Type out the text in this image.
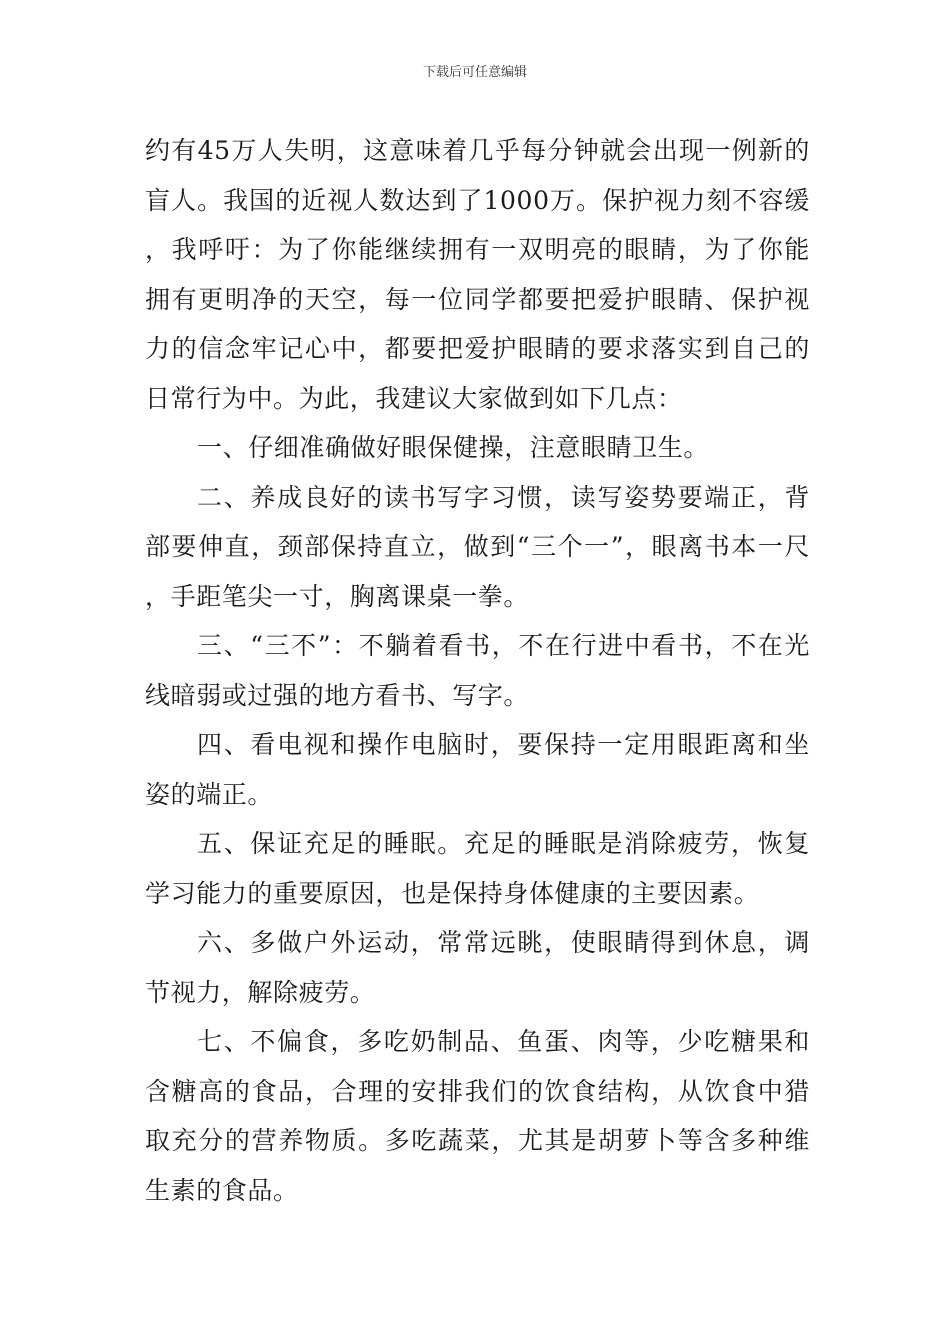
下载后可任意编辑

约有45万人失明，这意味着几乎每分钟就会出现一例新的盲人。我国的近视人数达到了1000万。保护视力刻不容缓，我呼吁：为了你能继续拥有一双明亮的眼睛，为了你能拥有更明净的天空，每一位同学都要把爱护眼睛、保护视力的信念牢记心中，都要把爱护眼睛的要求落实到自己的日常行为中。为此，我建议大家做到如下几点：

一、仔细准确做好眼保健操，注意眼睛卫生。

二、养成良好的读书写字习惯，读写姿势要端正，背部要伸直，颈部保持直立，做到“三个一”，眼离书本一尺，手距笔尖一寸，胸离课桌一拳。

三、“三不”：不躺着看书，不在行进中看书，不在光线暗弱或过强的地方看书、写字。

四、看电视和操作电脑时，要保持一定用眼距离和坐姿的端正。

五、保证充足的睡眠。充足的睡眠是消除疲劳，恢复学习能力的重要原因，也是保持身体健康的主要因素。

六、多做户外运动，常常远眺，使眼睛得到休息，调节视力，解除疲劳。

七、不偏食，多吃奶制品、鱼蛋、肉等，少吃糖果和含糖高的食品，合理的安排我们的饮食结构，从饮食中猎取充分的营养物质。多吃蔬菜，尤其是胡萝卜等含多种维生素的食品。
